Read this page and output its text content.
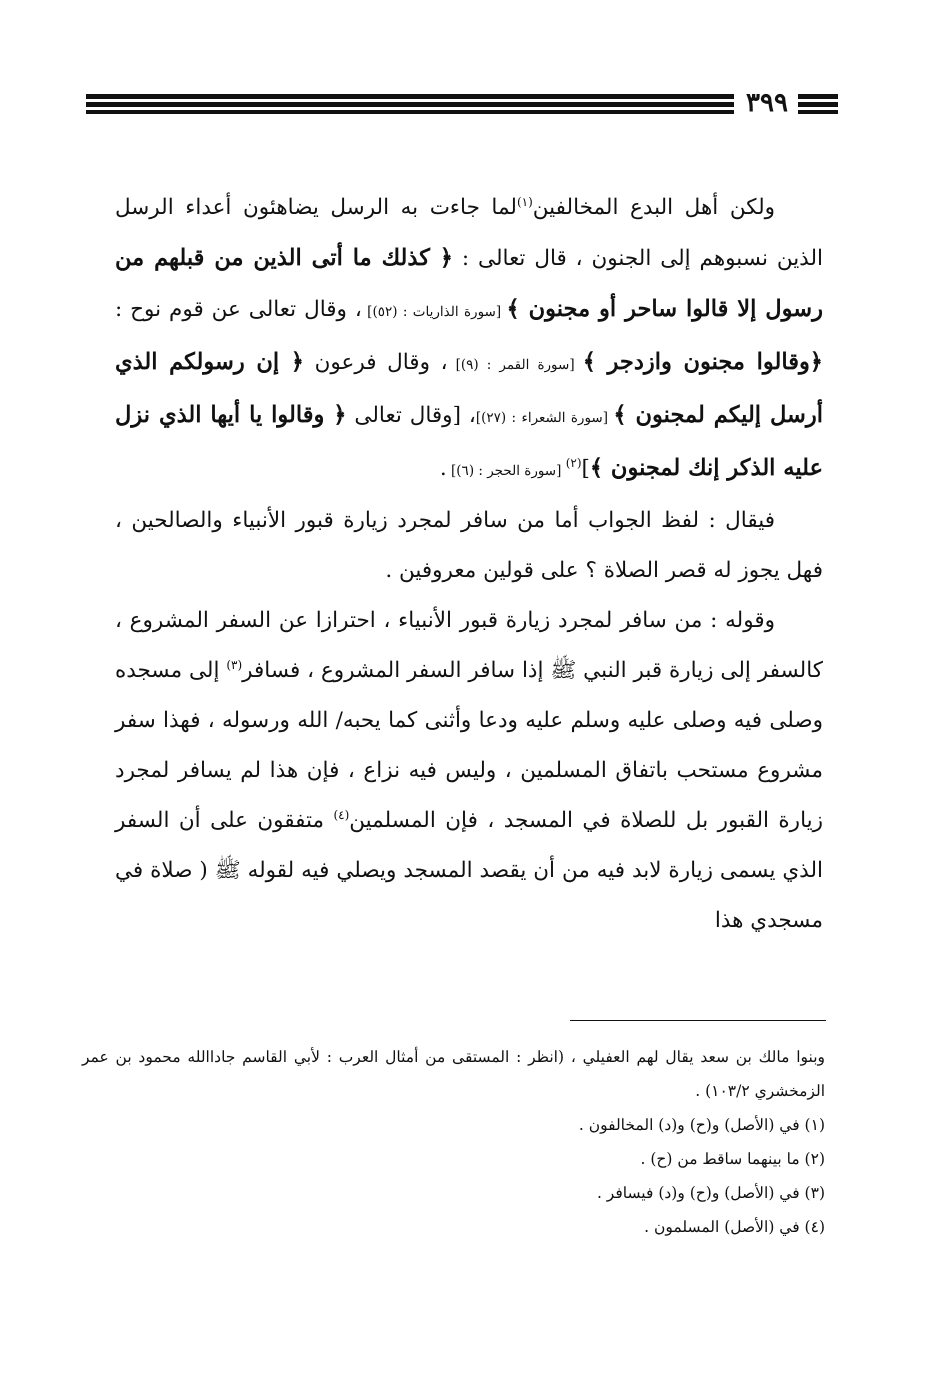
٣٩٩

ولكن أهل البدع المخالفين$^{(١)}$لما جاءت به الرسل يضاهئون أعداء الرسل الذين نسبوهم إلى الجنون ، قال تعالى : ﴿ كذلك ما أتى الذين من قبلهم من رسول إلا قالوا ساحر أو مجنون ﴾ [سورة الذاريات : (٥٢)] ، وقال تعالى عن قوم نوح : ﴿وقالوا مجنون وازدجر ﴾ [سورة القمر : (٩)] ، وقال فرعون ﴿ إن رسولكم الذي أرسل إليكم لمجنون ﴾ [سورة الشعراء : (٢٧)]، [وقال تعالى ﴿ وقالوا يا أيها الذي نزل عليه الذكر إنك لمجنون ﴾]$^{(٢)}$ [سورة الحجر : (٦)] .

فيقال : لفظ الجواب أما من سافر لمجرد زيارة قبور الأنبياء والصالحين ، فهل يجوز له قصر الصلاة ؟ على قولين معروفين .

وقوله : من سافر لمجرد زيارة قبور الأنبياء ، احترازا عن السفر المشروع ، كالسفر إلى زيارة قبر النبي ﷺ إذا سافر السفر المشروع ، فسافر$^{(٣)}$ إلى مسجده وصلى فيه وصلى عليه وسلم عليه ودعا وأثنى كما يحبه/ الله ورسوله ، فهذا سفر مشروع مستحب باتفاق المسلمين ، وليس فيه نزاع ، فإن هذا لم يسافر لمجرد زيارة القبور بل للصلاة في المسجد ، فإن المسلمين$^{(٤)}$ متفقون على أن السفر الذي يسمى زيارة لابد فيه من أن يقصد المسجد ويصلي فيه لقوله ﷺ ( صلاة في مسجدي هذا

وبنوا مالك بن سعد يقال لهم العفيلي ، (انظر : المستقى من أمثال العرب : لأبي القاسم جاداالله محمود بن عمر الزمخشري ١٠٣/٢) .

(١) في (الأصل) و(ح) و(د) المخالفون .

(٢) ما بينهما ساقط من (ح) .

(٣) في (الأصل) و(ح) و(د) فيسافر .

(٤) في (الأصل) المسلمون .
